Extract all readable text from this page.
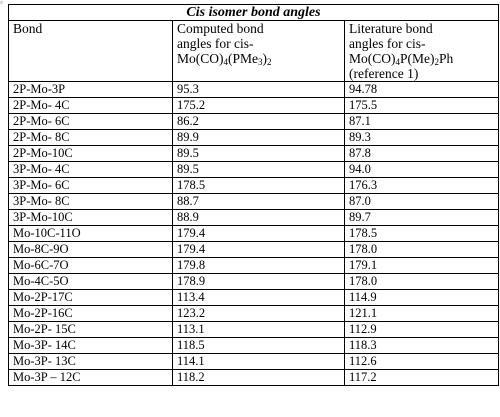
⌕
Cis isomer bond angles		
Bond	Computed bond
angles for cis-
$Mo(CO)_4(PMe_3)_2$	Literature bond
angles for cis-
$Mo(CO)_4P(Me)_2Ph$
(reference 1)

2P-Mo-3P	95.3	94.78
2P-Mo- 4C	175.2	175.5
2P-Mo- 6C	86.2	87.1
2P-Mo- 8C	89.9	89.3
2P-Mo-10C	89.5	87.8
3P-Mo- 4C	89.5	94.0
3P-Mo- 6C	178.5	176.3
3P-Mo- 8C	88.7	87.0
3P-Mo-10C	88.9	89.7
Mo-10C-11O	179.4	178.5
Mo-8C-9O	179.4	178.0
Mo-6C-7O	179.8	179.1
Mo-4C-5O	178.9	178.0
Mo-2P-17C	113.4	114.9
Mo-2P-16C	123.2	121.1
Mo-2P- 15C	113.1	112.9
Mo-3P- 14C	118.5	118.3
Mo-3P- 13C	114.1	112.6
Mo-3P – 12C	118.2	117.2
